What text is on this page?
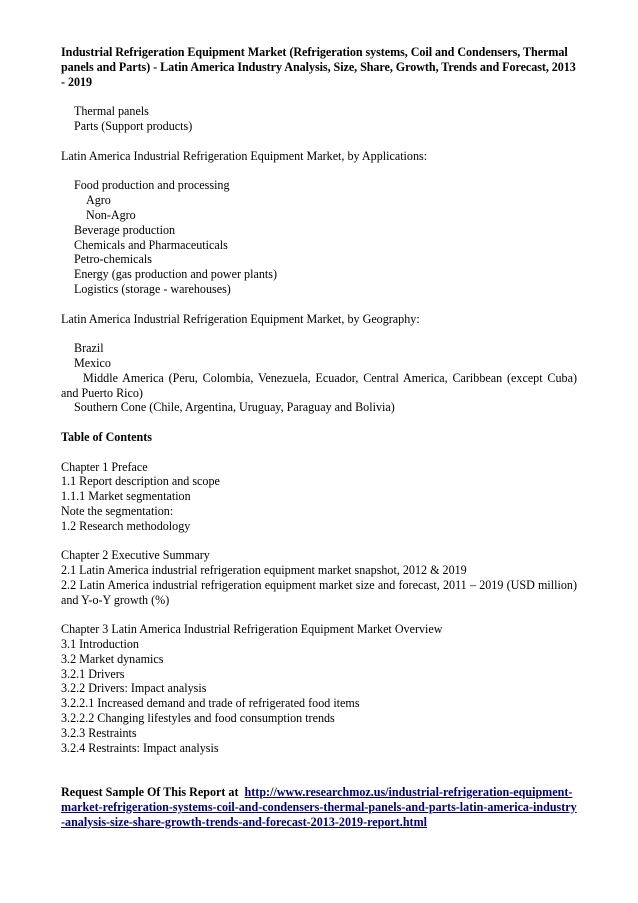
Industrial Refrigeration Equipment Market (Refrigeration systems, Coil and Condensers, Thermal panels and Parts) - Latin America Industry Analysis, Size, Share, Growth, Trends and Forecast, 2013 - 2019
Thermal panels
Parts (Support products)
Latin America Industrial Refrigeration Equipment Market, by Applications:
Food production and processing
Agro
Non-Agro
Beverage production
Chemicals and Pharmaceuticals
Petro-chemicals
Energy (gas production and power plants)
Logistics (storage - warehouses)
Latin America Industrial Refrigeration Equipment Market, by Geography:
Brazil
Mexico
Middle America (Peru, Colombia, Venezuela, Ecuador, Central America, Caribbean (except Cuba) and Puerto Rico)
Southern Cone (Chile, Argentina, Uruguay, Paraguay and Bolivia)
Table of Contents
Chapter 1 Preface
1.1 Report description and scope
1.1.1 Market segmentation
Note the segmentation:
1.2 Research methodology
Chapter 2 Executive Summary
2.1 Latin America industrial refrigeration equipment market snapshot, 2012 & 2019
2.2 Latin America industrial refrigeration equipment market size and forecast, 2011 – 2019 (USD million) and Y-o-Y growth (%)
Chapter 3 Latin America Industrial Refrigeration Equipment Market Overview
3.1 Introduction
3.2 Market dynamics
3.2.1 Drivers
3.2.2 Drivers: Impact analysis
3.2.2.1 Increased demand and trade of refrigerated food items
3.2.2.2 Changing lifestyles and food consumption trends
3.2.3 Restraints
3.2.4 Restraints: Impact analysis
Request Sample Of This Report at http://www.researchmoz.us/industrial-refrigeration-equipment-market-refrigeration-systems-coil-and-condensers-thermal-panels-and-parts-latin-america-industry-analysis-size-share-growth-trends-and-forecast-2013-2019-report.html
